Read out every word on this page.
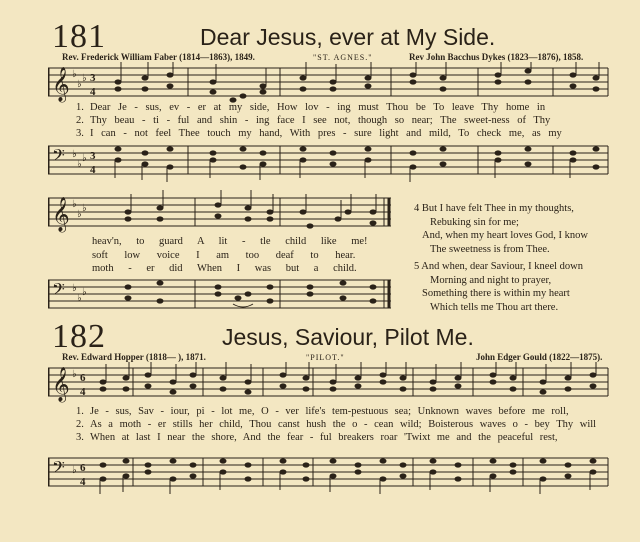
181	Dear Jesus, ever at My Side.
Rev. Frederick William Faber (1814—1863), 1849.	"ST. AGNES."	Rev John Bacchus Dykes (1823—1876), 1858.
𝄞 ♭
♭
♭ 3
4
1. Dear Je - sus, ev - er at my side, How lov - ing must Thou be To leave Thy home in
2. Thy beau - ti - ful and shin - ing face I see not, though so near; The sweet-ness of Thy
3. I can - not feel Thee touch my hand, With pres - sure light and mild, To check me, as my
𝄢 ♭
♭
♭ 3
4
𝄞 ♭
♭
♭
heav'n, to guard A lit - tle child like me!
soft low voice I am too deaf to hear.
moth - er did When I was but a child.
𝄢 ♭
♭
♭
4 But I have felt Thee in my thoughts,
Rebuking sin for me;
And, when my heart loves God, I know
The sweetness is from Thee.
5 And when, dear Saviour, I kneel down
Morning and night to prayer,
Something there is within my heart
Which tells me Thou art there.
182	Jesus, Saviour, Pilot Me.
Rev. Edward Hopper (1818— ), 1871.	"PILOT."	John Edger Gould (1822—1875).
𝄞 ♭ 6
4
1. Je - sus, Sav - iour, pi - lot me, O - ver life's tem-pestuous sea; Unknown waves before me roll,
2. As a moth - er stills her child, Thou canst hush the o - cean wild; Boisterous waves o - bey Thy will
3. When at last I near the shore, And the fear - ful breakers roar 'Twixt me and the peaceful rest,
𝄢 ♭ 6
4
